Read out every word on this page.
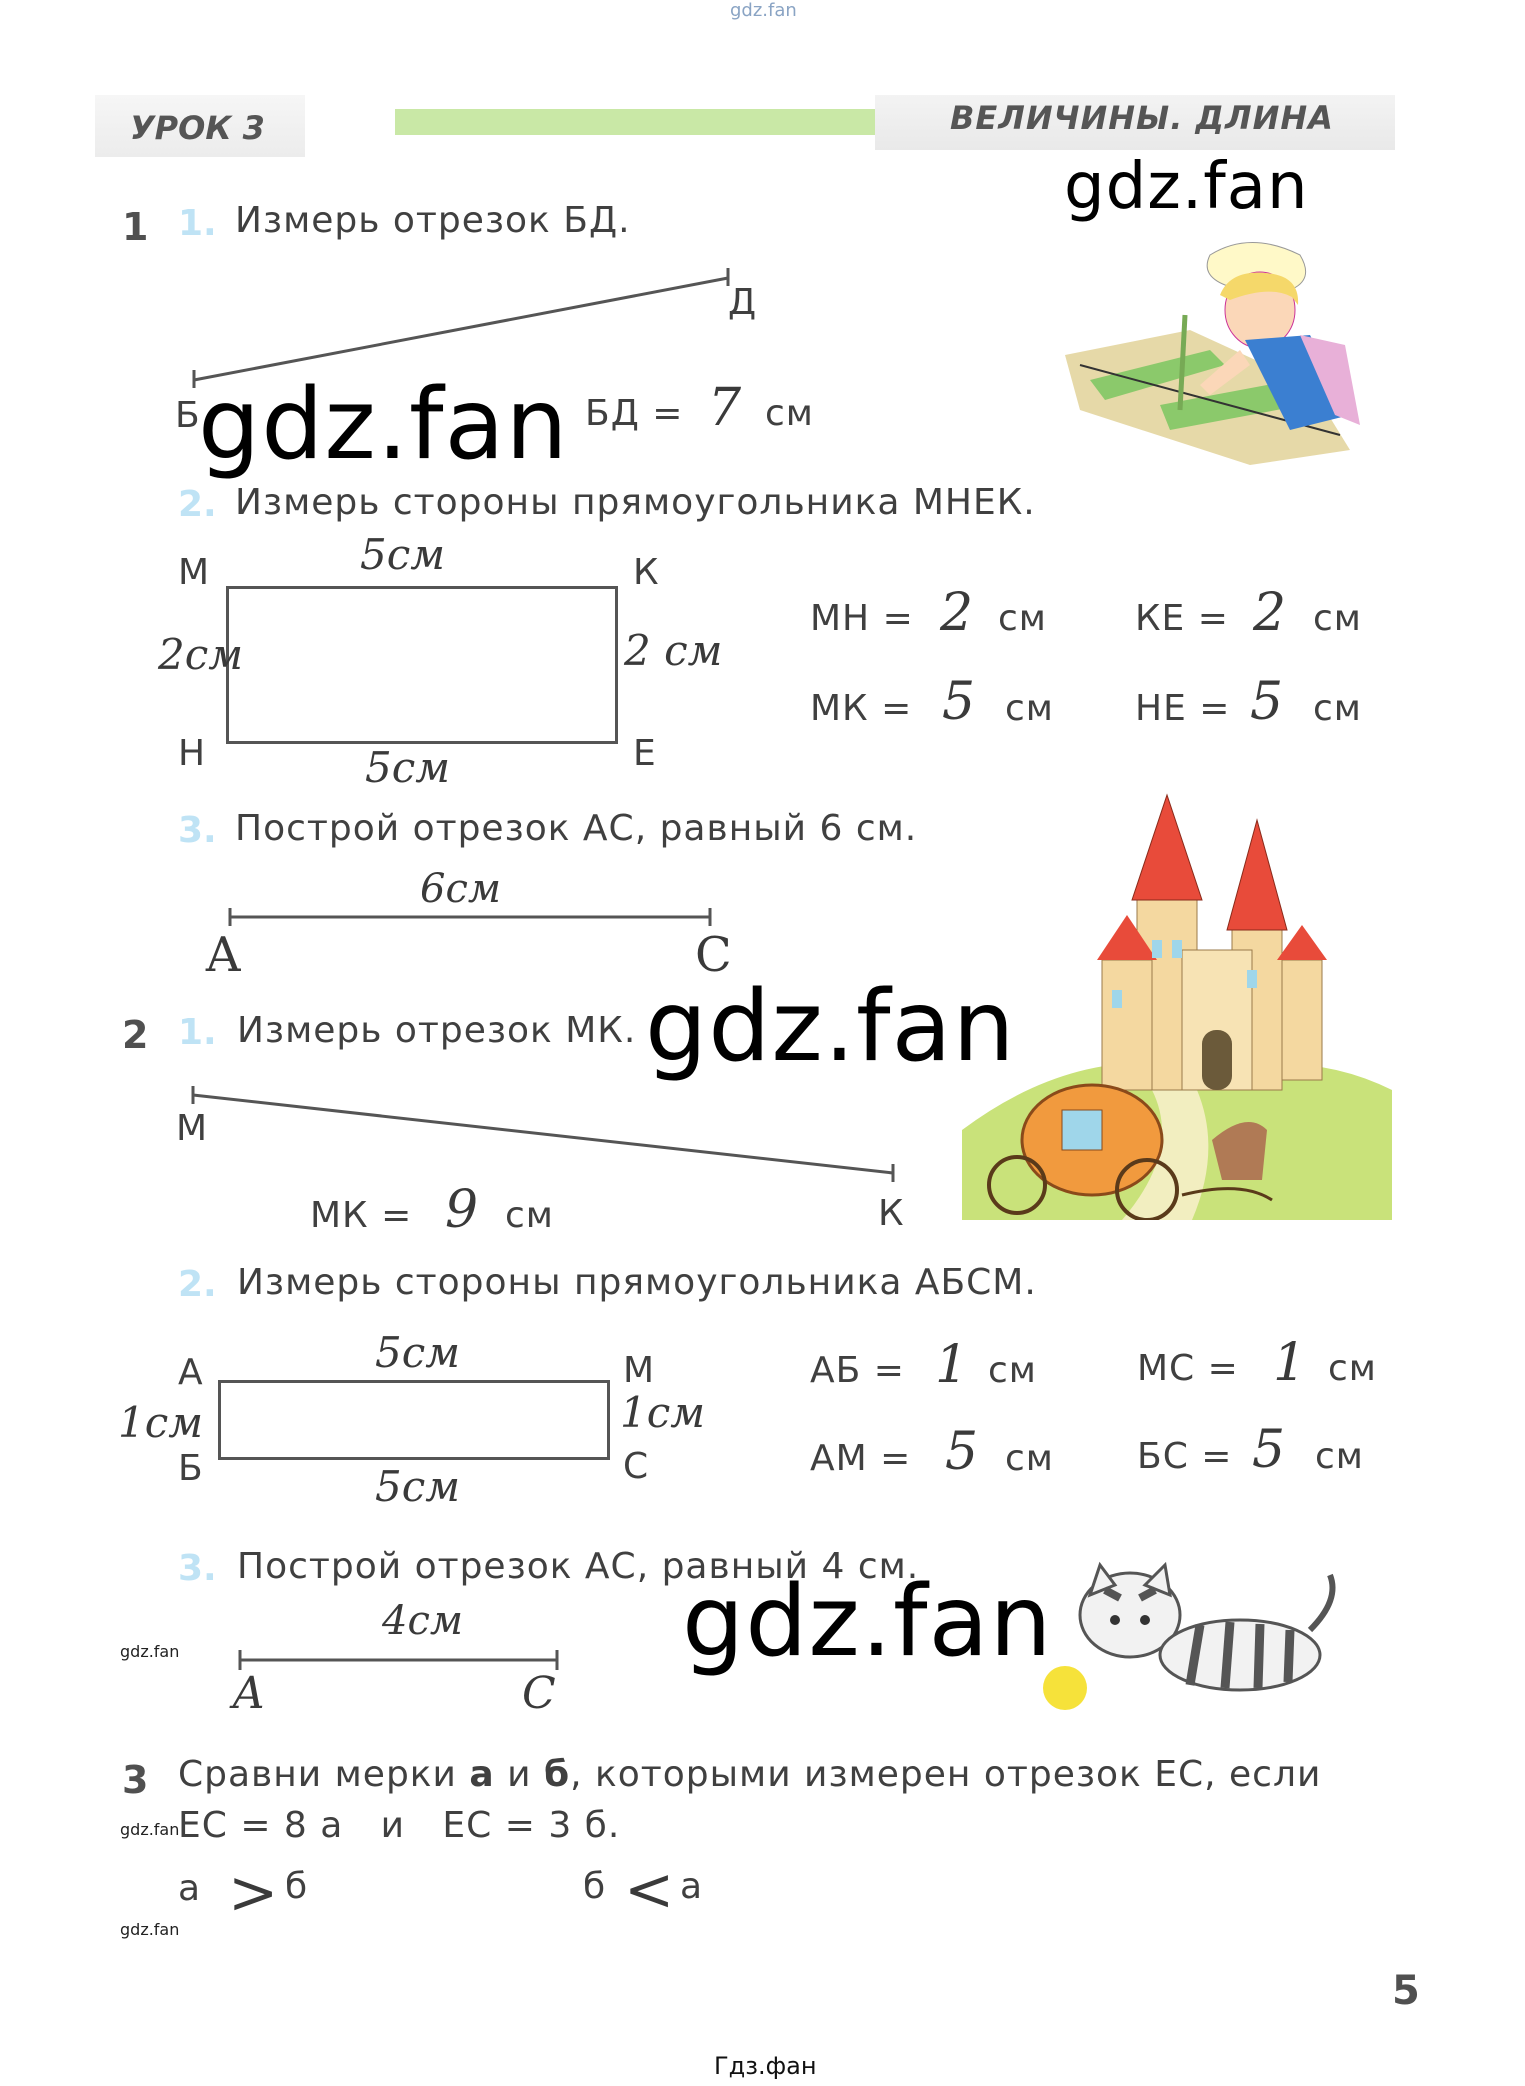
gdz.fan
УРОК 3	ВЕЛИЧИНЫ. ДЛИНА
1 1. Измерь отрезок БД.
Д
Б
gdz.fan БД = 7 см
gdz.fan
2. Измерь стороны прямоугольника МНЕК.
М	К
Н	Е
5см
5см
2см	2 см
МН = 2 см КЕ = 2 см
МК = 5 см НЕ = 5 см
3. Построй отрезок АС, равный 6 см.
6см
А	С
2 1. Измерь отрезок МК. gdz.fan
М
К
МК = 9 см
2. Измерь стороны прямоугольника АБСМ.
А	М
Б	С
5см
5см
1см	1см
АБ = 1 см	МС = 1 см
АМ = 5 см БС = 5 см
3. Построй отрезок АС, равный 4 см.
4см
А	С
gdz.fan	gdz.fan
3 Сравни мерки а и б, которыми измерен отрезок ЕС, если
ЕС = 8 а   и   ЕС = 3 б.
gdz.fan
а > б	б < а
gdz.fan
5
Гдз.фан
